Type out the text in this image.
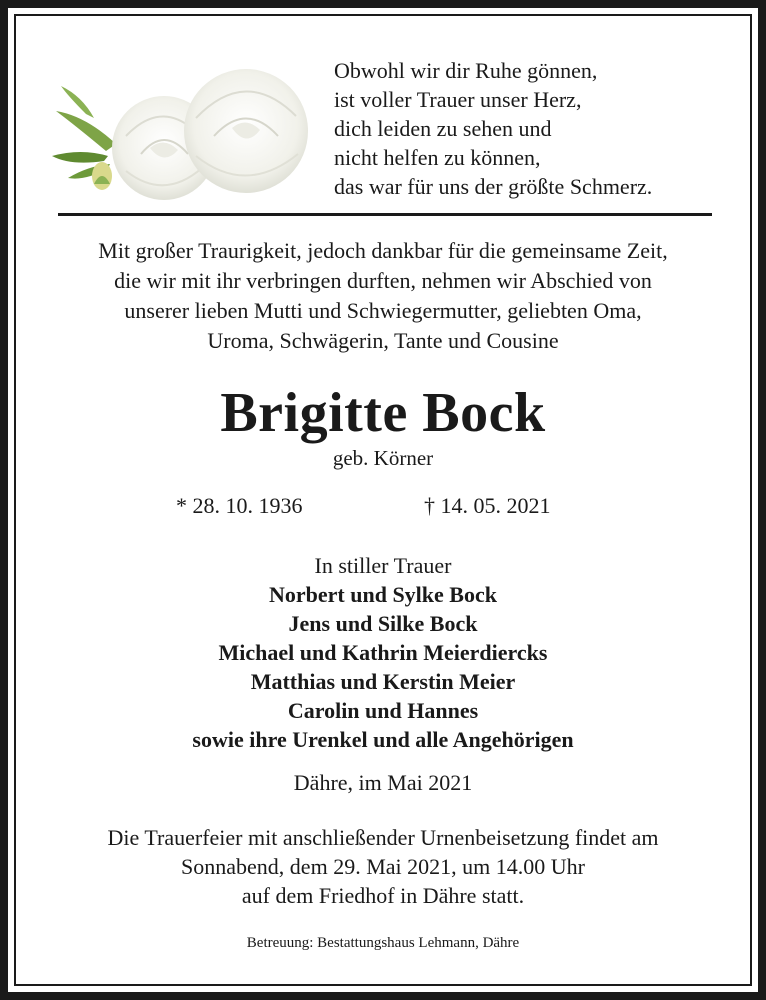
Obwohl wir dir Ruhe gönnen,
ist voller Trauer unser Herz,
dich leiden zu sehen und
nicht helfen zu können,
das war für uns der größte Schmerz.
Mit großer Traurigkeit, jedoch dankbar für die gemeinsame Zeit,
die wir mit ihr verbringen durften, nehmen wir Abschied von
unserer lieben Mutti und Schwiegermutter, geliebten Oma,
Uroma, Schwägerin, Tante und Cousine
Brigitte Bock
geb. Körner
* 28. 10. 1936	† 14. 05. 2021
In stiller Trauer
Norbert und Sylke Bock
Jens und Silke Bock
Michael und Kathrin Meierdiercks
Matthias und Kerstin Meier
Carolin und Hannes
sowie ihre Urenkel und alle Angehörigen
Dähre, im Mai 2021
Die Trauerfeier mit anschließender Urnenbeisetzung findet am
Sonnabend, dem 29. Mai 2021, um 14.00 Uhr
auf dem Friedhof in Dähre statt.
Betreuung: Bestattungshaus Lehmann, Dähre
